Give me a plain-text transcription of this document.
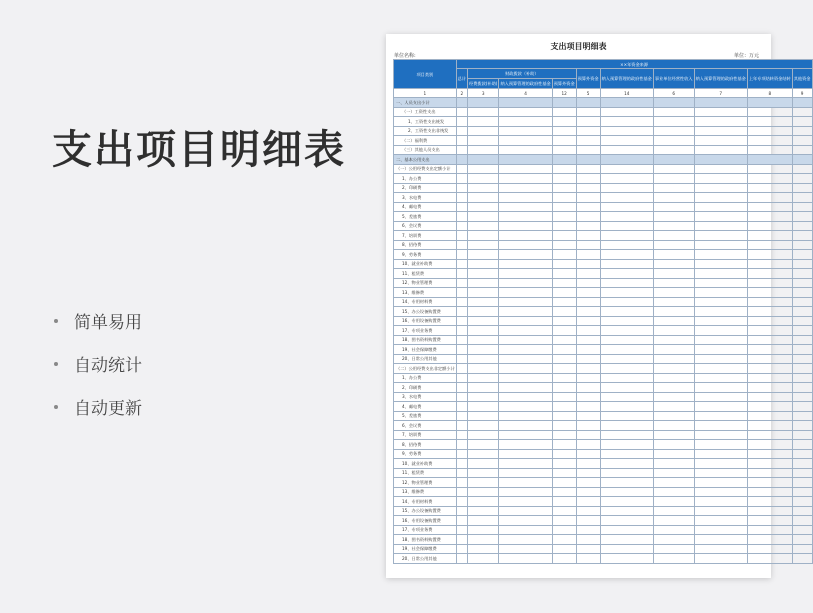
支出项目明细表
简单易用
自动统计
自动更新
支出项目明细表
单位名称:	单位：万元
项目类别	××年资金来源									
	总计	财政拨款（补助）			预算外资金	纳入预算管理的政府性基金	事业单位经营性收入	纳入预算管理的政府性基金	上年专项结转资金结转	其他资金
		经费拨款(补助)	纳入预算管理的政府性基金	预算外资金						
1	2	3	4	12	5	14	6	7	8	9
一、人员支出小计										
（一）工资性支出										
1、工资性支出统发										
2、工资性支出非统发										
（二）福利费										
（三）其他人员支出										
二、基本公用支出										
（一）公用经费支出定额小计										
1、办公费										
2、印刷费										
3、水电费										
4、邮电费										
5、差旅费										
6、会议费										
7、培训费										
8、招待费										
9、劳务费										
10、就业补助费										
11、租赁费										
12、物业管理费										
13、维修费										
14、专用材料费										
15、办公设备购置费										
16、专用设备购置费										
17、专项业务费										
18、图书资料购置费										
19、社会保障缴费										
20、日常公用其他										
（二）公用经费支出非定额小计										
1、办公费										
2、印刷费										
3、水电费										
4、邮电费										
5、差旅费										
6、会议费										
7、培训费										
8、招待费										
9、劳务费										
10、就业补助费										
11、租赁费										
12、物业管理费										
13、维修费										
14、专用材料费										
15、办公设备购置费										
16、专用设备购置费										
17、专项业务费										
18、图书资料购置费										
19、社会保障缴费										
20、日常公用其他										
